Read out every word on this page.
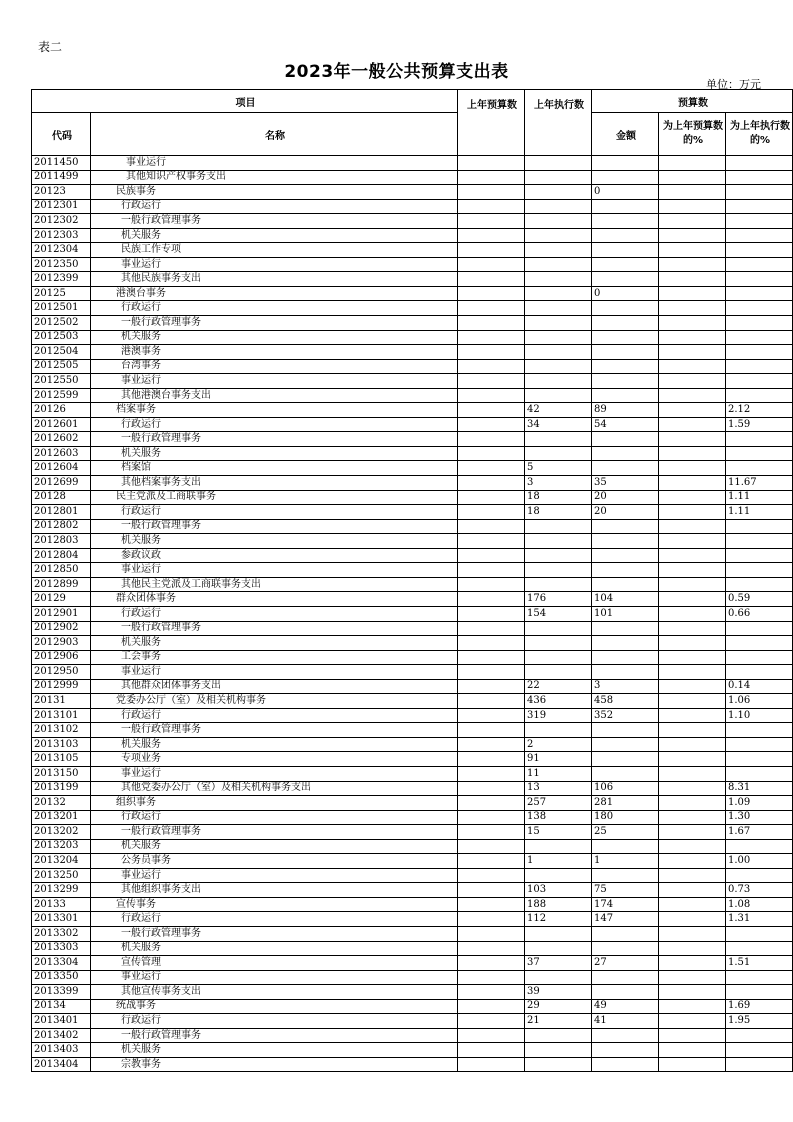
表二
2023年一般公共预算支出表
单位：万元
项目		上年预算数	上年执行数	预算数		
代码	名称			金额	为上年预算数的%	为上年执行数的%
2011450	事业运行					
2011499	其他知识产权事务支出					
20123	民族事务			0		
2012301	行政运行					
2012302	一般行政管理事务					
2012303	机关服务					
2012304	民族工作专项					
2012350	事业运行					
2012399	其他民族事务支出					
20125	港澳台事务			0		
2012501	行政运行					
2012502	一般行政管理事务					
2012503	机关服务					
2012504	港澳事务					
2012505	台湾事务					
2012550	事业运行					
2012599	其他港澳台事务支出					
20126	档案事务		42	89		2.12
2012601	行政运行		34	54		1.59
2012602	一般行政管理事务					
2012603	机关服务					
2012604	档案馆		5			
2012699	其他档案事务支出		3	35		11.67
20128	民主党派及工商联事务		18	20		1.11
2012801	行政运行		18	20		1.11
2012802	一般行政管理事务					
2012803	机关服务					
2012804	参政议政					
2012850	事业运行					
2012899	其他民主党派及工商联事务支出					
20129	群众团体事务		176	104		0.59
2012901	行政运行		154	101		0.66
2012902	一般行政管理事务					
2012903	机关服务					
2012906	工会事务					
2012950	事业运行					
2012999	其他群众团体事务支出		22	3		0.14
20131	党委办公厅（室）及相关机构事务		436	458		1.06
2013101	行政运行		319	352		1.10
2013102	一般行政管理事务					
2013103	机关服务		2			
2013105	专项业务		91			
2013150	事业运行		11			
2013199	其他党委办公厅（室）及相关机构事务支出		13	106		8.31
20132	组织事务		257	281		1.09
2013201	行政运行		138	180		1.30
2013202	一般行政管理事务		15	25		1.67
2013203	机关服务					
2013204	公务员事务		1	1		1.00
2013250	事业运行					
2013299	其他组织事务支出		103	75		0.73
20133	宣传事务		188	174		1.08
2013301	行政运行		112	147		1.31
2013302	一般行政管理事务					
2013303	机关服务					
2013304	宣传管理		37	27		1.51
2013350	事业运行					
2013399	其他宣传事务支出		39			
20134	统战事务		29	49		1.69
2013401	行政运行		21	41		1.95
2013402	一般行政管理事务					
2013403	机关服务					
2013404	宗教事务					
